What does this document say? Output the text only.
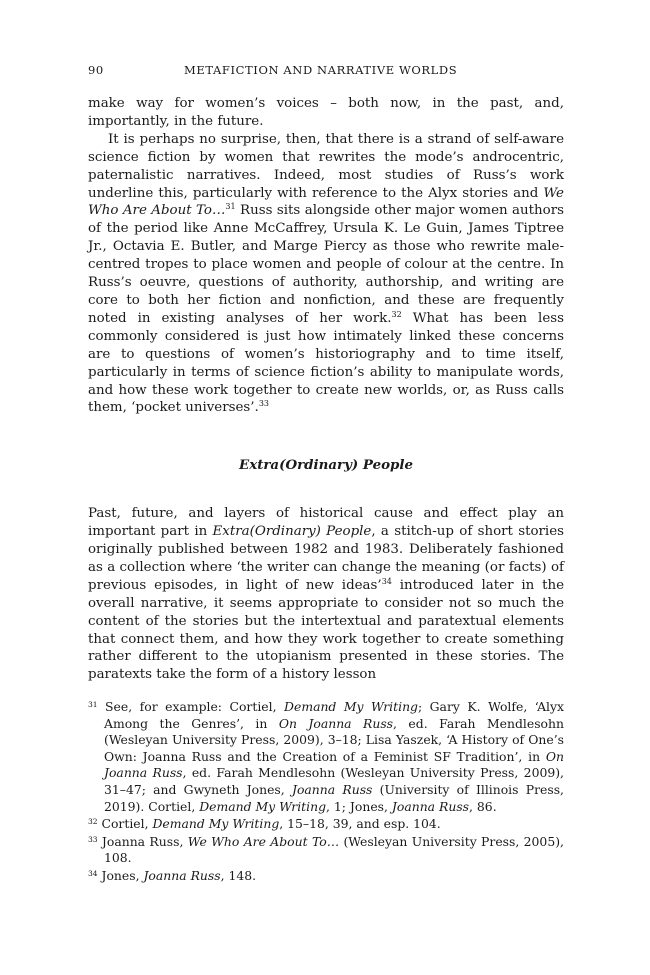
90	METAFICTION AND NARRATIVE WORLDS

make way for women’s voices – both now, in the past, and, importantly, in the future.

It is perhaps no surprise, then, that there is a strand of self-aware science fiction by women that rewrites the mode’s androcentric, paternalistic narratives. Indeed, most studies of Russ’s work underline this, particularly with reference to the Alyx stories and We Who Are About To…$^{31}$ Russ sits alongside other major women authors of the period like Anne McCaffrey, Ursula K. Le Guin, James Tiptree Jr., Octavia E. Butler, and Marge Piercy as those who rewrite male-centred tropes to place women and people of colour at the centre. In Russ’s oeuvre, questions of authority, authorship, and writing are core to both her fiction and nonfiction, and these are frequently noted in existing analyses of her work.$^{32}$ What has been less commonly considered is just how intimately linked these concerns are to questions of women’s historiography and to time itself, particularly in terms of science fiction’s ability to manipulate words, and how these work together to create new worlds, or, as Russ calls them, ‘pocket universes’.$^{33}$

Extra(Ordinary) People

Past, future, and layers of historical cause and effect play an important part in Extra(Ordinary) People, a stitch-up of short stories originally published between 1982 and 1983. Deliberately fashioned as a collection where ‘the writer can change the meaning (or facts) of previous episodes, in light of new ideas’$^{34}$ introduced later in the overall narrative, it seems appropriate to consider not so much the content of the stories but the intertextual and paratextual elements that connect them, and how they work together to create something rather different to the utopianism presented in these stories. The paratexts take the form of a history lesson

$^{31}$ See, for example: Cortiel, Demand My Writing; Gary K. Wolfe, ‘Alyx Among the Genres’, in On Joanna Russ, ed. Farah Mendlesohn (Wesleyan University Press, 2009), 3–18; Lisa Yaszek, ‘A History of One’s Own: Joanna Russ and the Creation of a Feminist SF Tradition’, in On Joanna Russ, ed. Farah Mendlesohn (Wesleyan University Press, 2009), 31–47; and Gwyneth Jones, Joanna Russ (University of Illinois Press, 2019). Cortiel, Demand My Writing, 1; Jones, Joanna Russ, 86.
$^{32}$ Cortiel, Demand My Writing, 15–18, 39, and esp. 104.
$^{33}$ Joanna Russ, We Who Are About To… (Wesleyan University Press, 2005), 108.
$^{34}$ Jones, Joanna Russ, 148.
